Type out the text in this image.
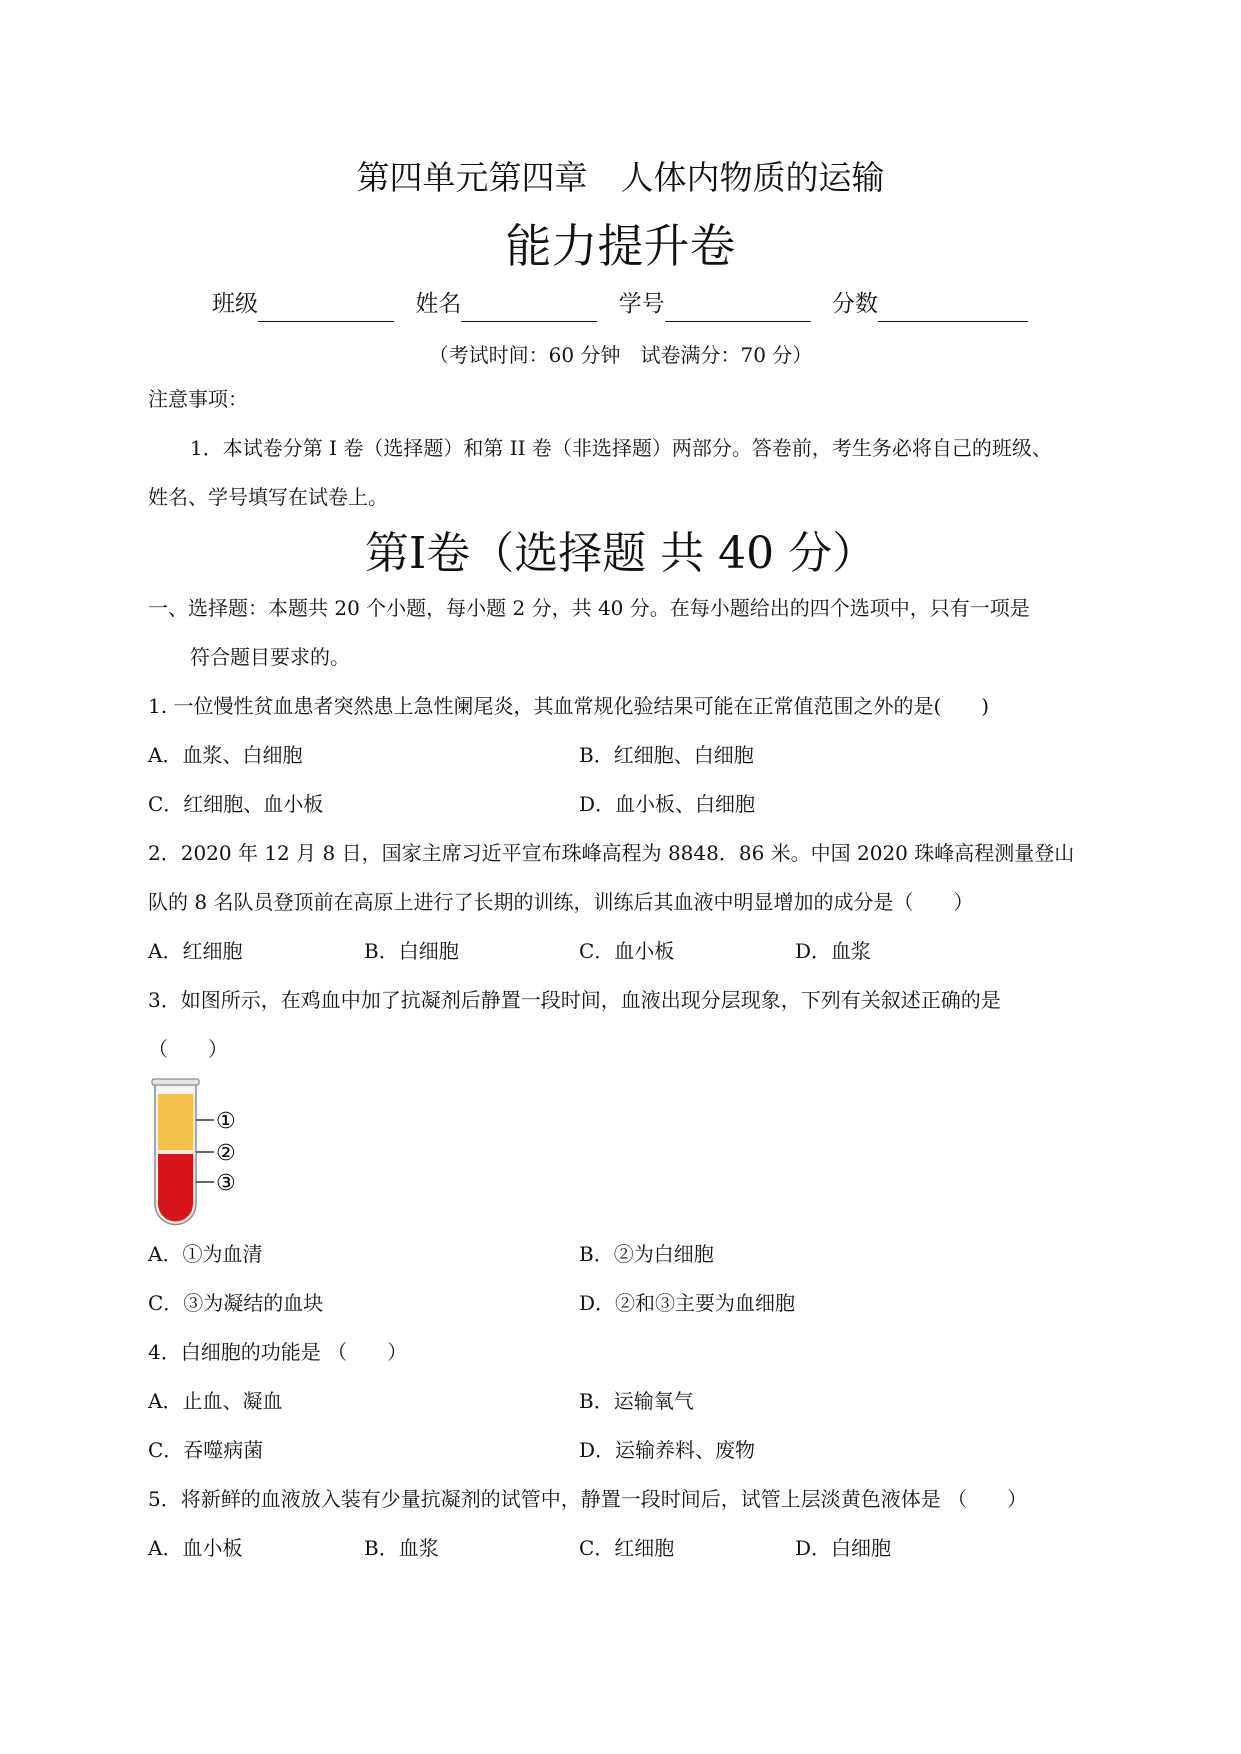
第四单元第四章　人体内物质的运输
能力提升卷
班级	姓名	学号	分数
（考试时间：60 分钟　试卷满分：70 分）
注意事项：
1．本试卷分第 I 卷（选择题）和第 II 卷（非选择题）两部分。答卷前，考生务必将自己的班级、
姓名、学号填写在试卷上。
第I卷（选择题 共 40 分）
一、选择题：本题共 20 个小题，每小题 2 分，共 40 分。在每小题给出的四个选项中，只有一项是
符合题目要求的。
1. 一位慢性贫血患者突然患上急性阑尾炎，其血常规化验结果可能在正常值范围之外的是(　　)
A．血浆、白细胞	B．红细胞、白细胞
C．红细胞、血小板	D．血小板、白细胞
2．2020 年 12 月 8 日，国家主席习近平宣布珠峰高程为 8848．86 米。中国 2020 珠峰高程测量登山
队的 8 名队员登顶前在高原上进行了长期的训练，训练后其血液中明显增加的成分是（　　）
A．红细胞	B．白细胞	C．血小板	D．血浆
3．如图所示，在鸡血中加了抗凝剂后静置一段时间，血液出现分层现象，下列有关叙述正确的是
（　　）
①
②
③
A．①为血清	B．②为白细胞
C．③为凝结的血块	D．②和③主要为血细胞
4．白细胞的功能是 （　　）
A．止血、凝血	B．运输氧气
C．吞噬病菌	D．运输养料、废物
5．将新鲜的血液放入装有少量抗凝剂的试管中，静置一段时间后，试管上层淡黄色液体是 （　　）
A．血小板	B．血浆	C．红细胞	D．白细胞
